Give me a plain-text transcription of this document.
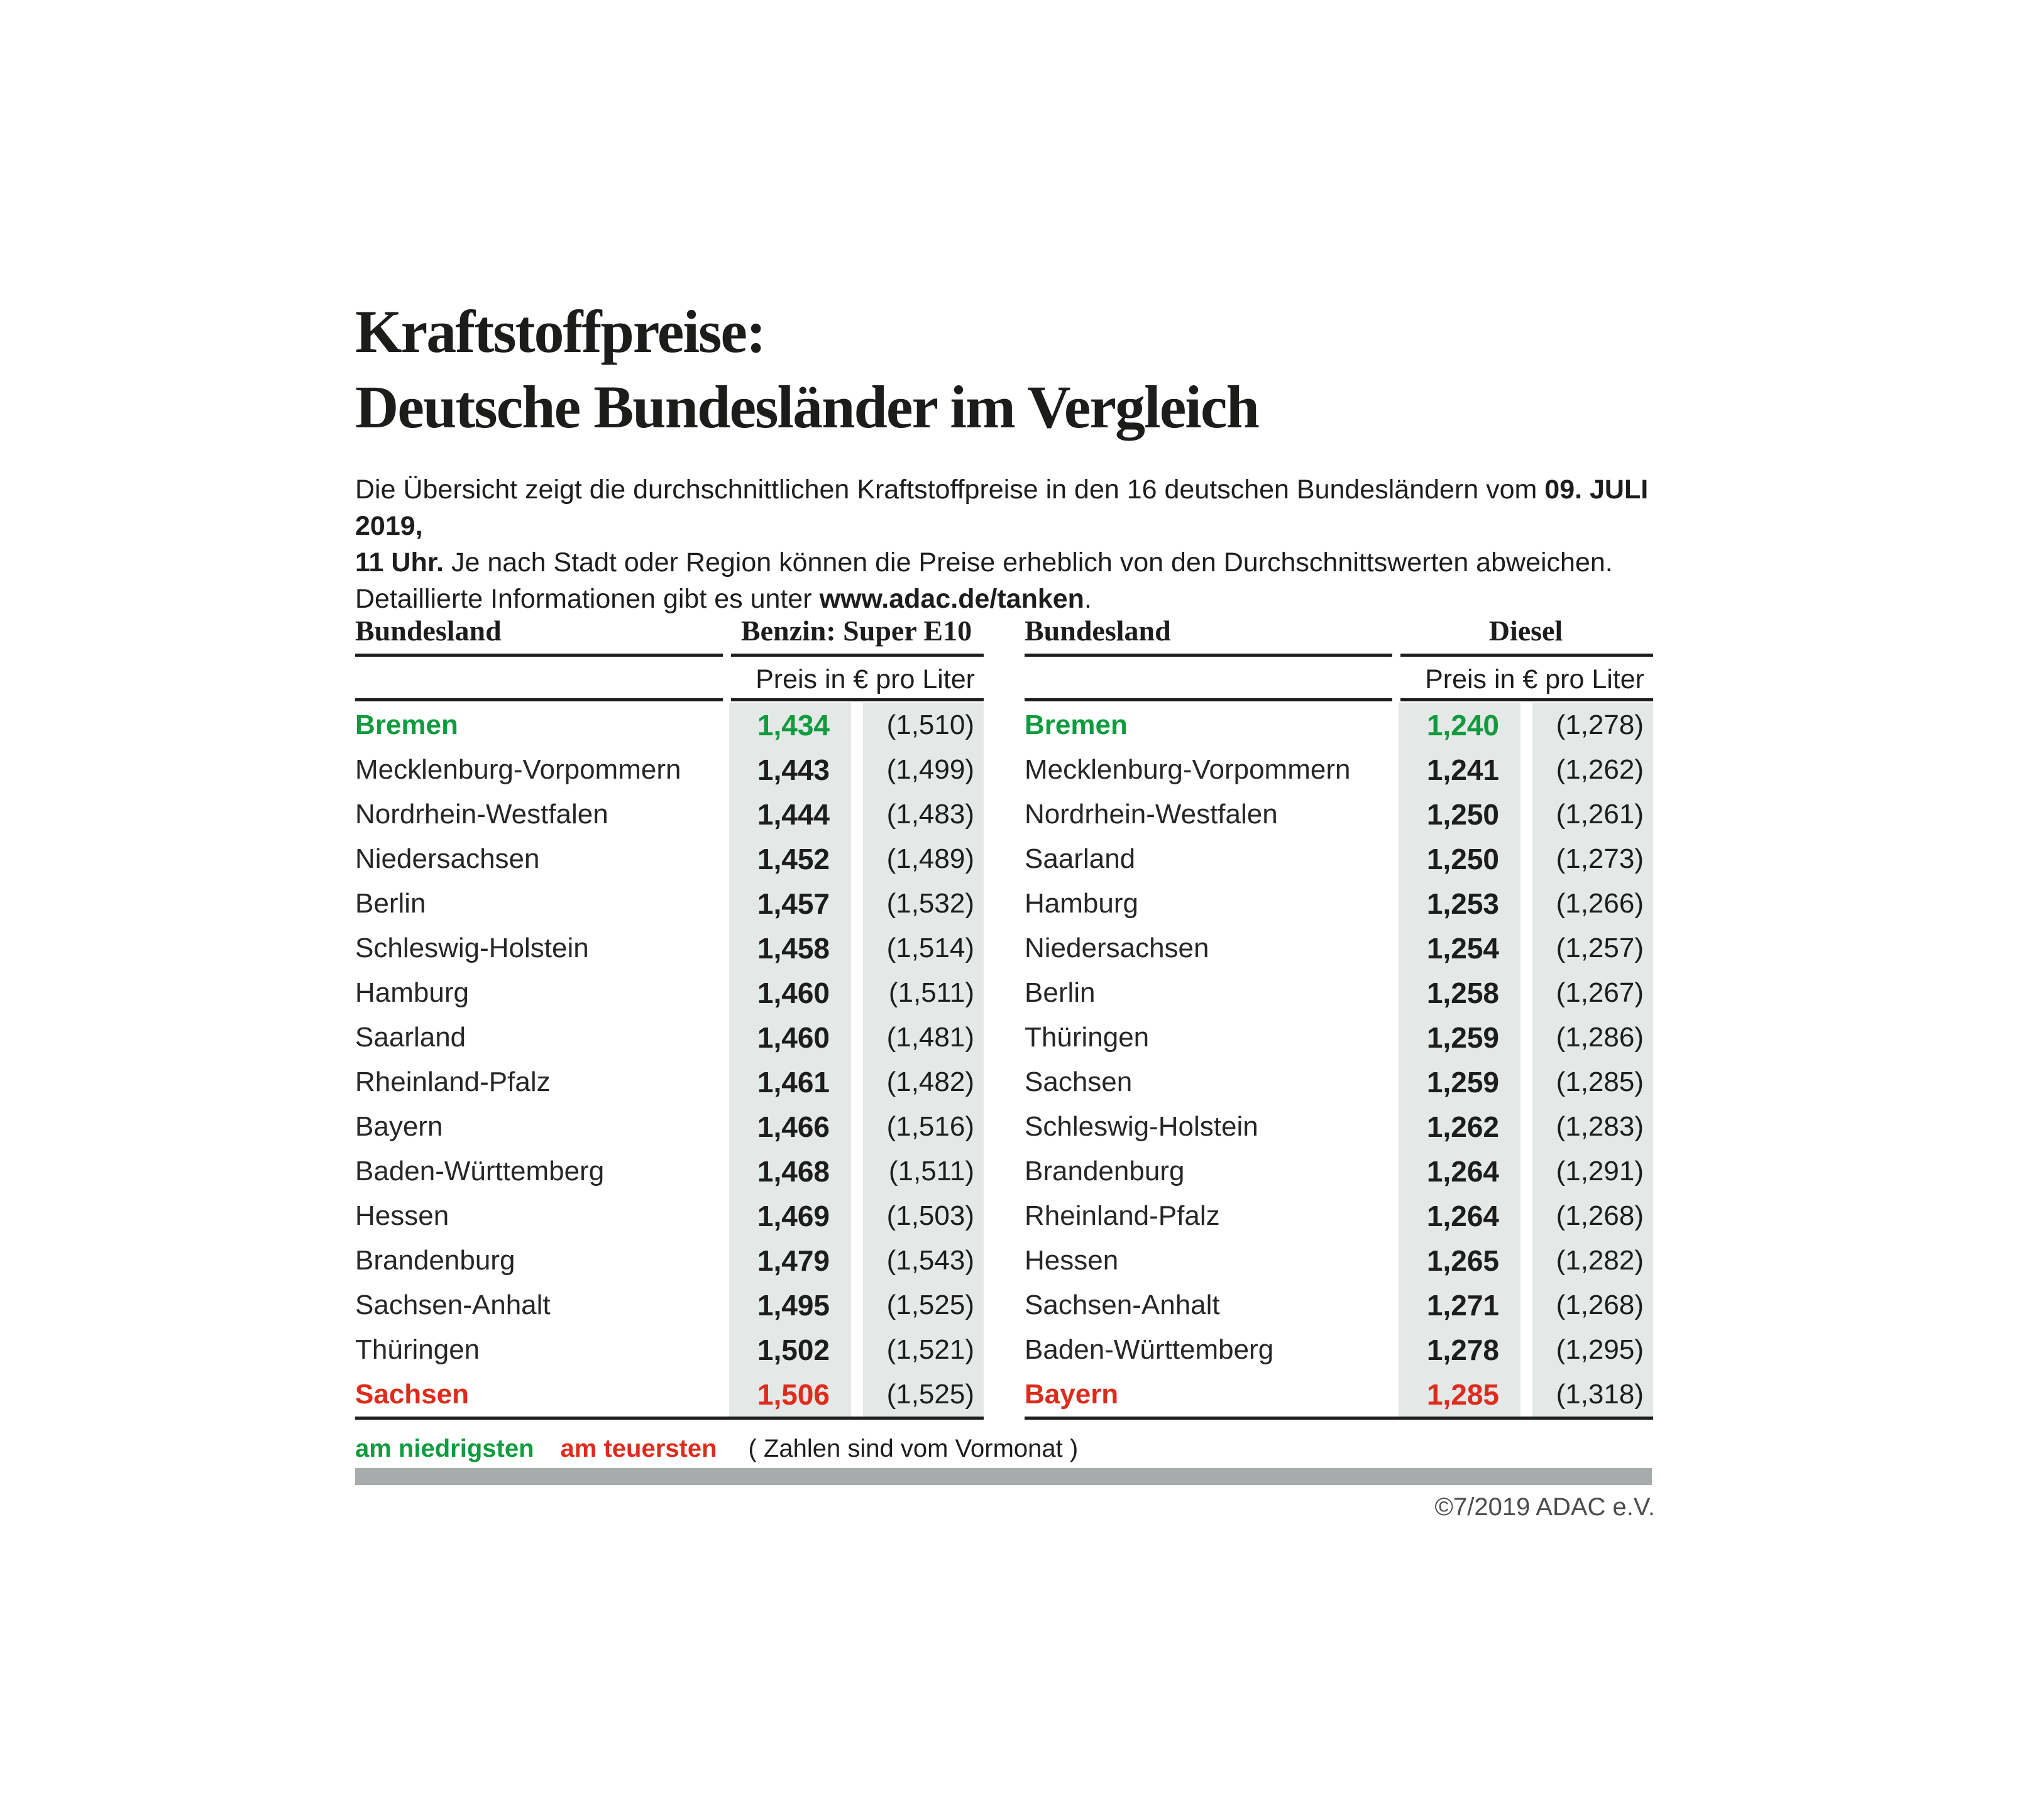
Kraftstoffpreise:
Deutsche Bundesländer im Vergleich

Die Übersicht zeigt die durchschnittlichen Kraftstoffpreise in den 16 deutschen Bundesländern vom 09. JULI 2019,
11 Uhr. Je nach Stadt oder Region können die Preise erheblich von den Durchschnittswerten abweichen.
Detaillierte Informationen gibt es unter www.adac.de/tanken.

Bundesland	Benzin: Super E10
Preis in € pro Liter
Bremen	1,434	(1,510)
Mecklenburg-Vorpommern	1,443	(1,499)
Nordrhein-Westfalen	1,444	(1,483)
Niedersachsen	1,452	(1,489)
Berlin	1,457	(1,532)
Schleswig-Holstein	1,458	(1,514)
Hamburg	1,460	(1,511)
Saarland	1,460	(1,481)
Rheinland-Pfalz	1,461	(1,482)
Bayern	1,466	(1,516)
Baden-Württemberg	1,468	(1,511)
Hessen	1,469	(1,503)
Brandenburg	1,479	(1,543)
Sachsen-Anhalt	1,495	(1,525)
Thüringen	1,502	(1,521)
Sachsen	1,506	(1,525)
Bundesland	Diesel
Preis in € pro Liter
Bremen	1,240	(1,278)
Mecklenburg-Vorpommern	1,241	(1,262)
Nordrhein-Westfalen	1,250	(1,261)
Saarland	1,250	(1,273)
Hamburg	1,253	(1,266)
Niedersachsen	1,254	(1,257)
Berlin	1,258	(1,267)
Thüringen	1,259	(1,286)
Sachsen	1,259	(1,285)
Schleswig-Holstein	1,262	(1,283)
Brandenburg	1,264	(1,291)
Rheinland-Pfalz	1,264	(1,268)
Hessen	1,265	(1,282)
Sachsen-Anhalt	1,271	(1,268)
Baden-Württemberg	1,278	(1,295)
Bayern	1,285	(1,318)
am niedrigsten am teuersten ( Zahlen sind vom Vormonat )
©7/2019 ADAC e.V.
